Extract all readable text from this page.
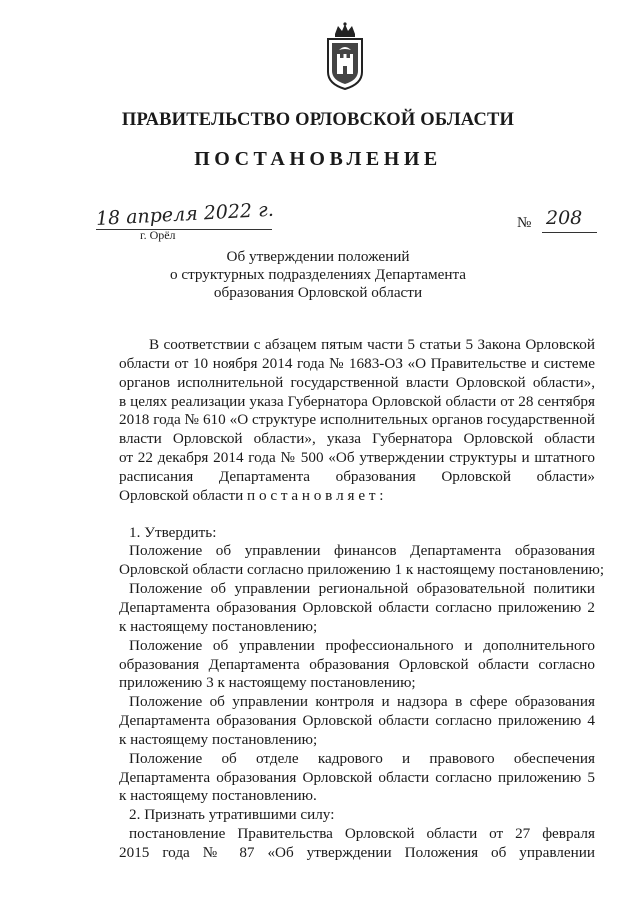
ПРАВИТЕЛЬСТВО ОРЛОВСКОЙ ОБЛАСТИ
ПОСТАНОВЛЕНИЕ
18 апреля 2022 г.
г. Орёл
№ 208
Об утверждении положений
о структурных подразделениях Департамента
образования Орловской области
В соответствии с абзацем пятым части 5 статьи 5 Закона Орловской
области от 10 ноября 2014 года № 1683-ОЗ «О Правительстве и системе
органов исполнительной государственной власти Орловской области»,
в целях реализации указа Губернатора Орловской области от 28 сентября
2018 года № 610 «О структуре исполнительных органов государственной
власти Орловской области», указа Губернатора Орловской области
от 22 декабря 2014 года № 500 «Об утверждении структуры и штатного
расписания Департамента образования Орловской области»
Орловской области п о с т а н о в л я е т :
1. Утвердить:
Положение об управлении финансов Департамента образования
Орловской области согласно приложению 1 к настоящему постановлению;
Положение об управлении региональной образовательной политики
Департамента образования Орловской области согласно приложению 2
к настоящему постановлению;
Положение об управлении профессионального и дополнительного
образования Департамента образования Орловской области согласно
приложению 3 к настоящему постановлению;
Положение об управлении контроля и надзора в сфере образования
Департамента образования Орловской области согласно приложению 4
к настоящему постановлению;
Положение об отделе кадрового и правового обеспечения
Департамента образования Орловской области согласно приложению 5
к настоящему постановлению.
2. Признать утратившими силу:
постановление Правительства Орловской области от 27 февраля
2015 года № 87 «Об утверждении Положения об управлении
